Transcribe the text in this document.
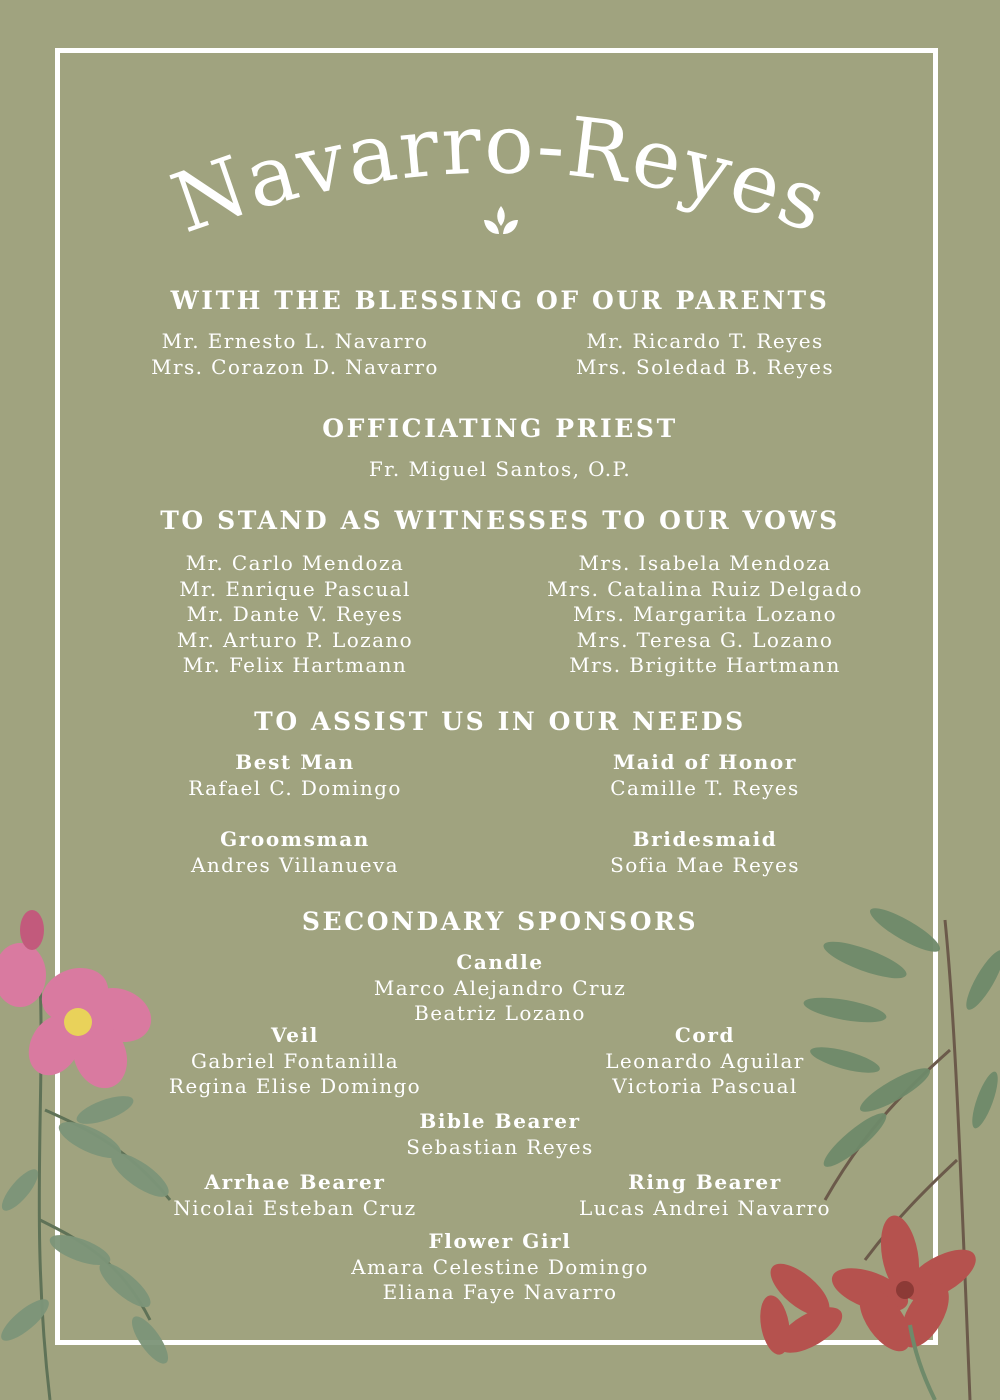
Navarro-Reyes
WITH THE BLESSING OF OUR PARENTS
Mr. Ernesto L. Navarro
Mrs. Corazon D. Navarro
Mr. Ricardo T. Reyes
Mrs. Soledad B. Reyes
OFFICIATING PRIEST
Fr. Miguel Santos, O.P.
TO STAND AS WITNESSES TO OUR VOWS
Mr. Carlo Mendoza
Mr. Enrique Pascual
Mr. Dante V. Reyes
Mr. Arturo P. Lozano
Mr. Felix Hartmann
Mrs. Isabela Mendoza
Mrs. Catalina Ruiz Delgado
Mrs. Margarita Lozano
Mrs. Teresa G. Lozano
Mrs. Brigitte Hartmann
TO ASSIST US IN OUR NEEDS
Best Man
Rafael C. Domingo
Maid of Honor
Camille T. Reyes
Groomsman
Andres Villanueva
Bridesmaid
Sofia Mae Reyes
SECONDARY SPONSORS
Candle
Marco Alejandro Cruz
Beatriz Lozano
Veil
Gabriel Fontanilla
Regina Elise Domingo
Cord
Leonardo Aguilar
Victoria Pascual
Bible Bearer
Sebastian Reyes
Arrhae Bearer
Nicolai Esteban Cruz
Ring Bearer
Lucas Andrei Navarro
Flower Girl
Amara Celestine Domingo
Eliana Faye Navarro
